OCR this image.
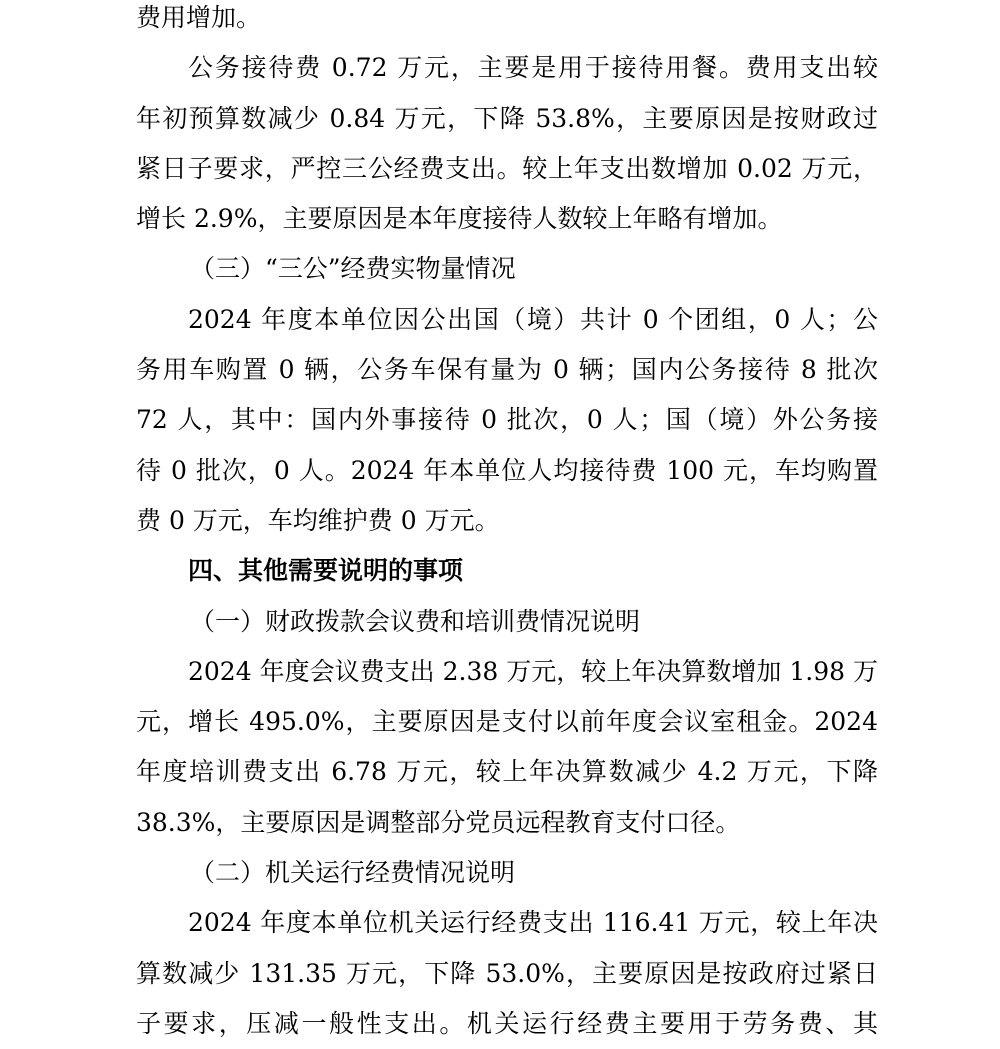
费用增加。
公务接待费 0.72 万元，主要是用于接待用餐。费用支出较
年初预算数减少 0.84 万元，下降 53.8%，主要原因是按财政过
紧日子要求，严控三公经费支出。较上年支出数增加 0.02 万元，
增长 2.9%，主要原因是本年度接待人数较上年略有增加。
（三）“三公”经费实物量情况
2024 年度本单位因公出国（境）共计 0 个团组，0 人；公
务用车购置 0 辆，公务车保有量为 0 辆；国内公务接待 8 批次
72 人，其中：国内外事接待 0 批次，0 人；国（境）外公务接
待 0 批次，0 人。2024 年本单位人均接待费 100 元，车均购置
费 0 万元，车均维护费 0 万元。
四、其他需要说明的事项
（一）财政拨款会议费和培训费情况说明
2024 年度会议费支出 2.38 万元，较上年决算数增加 1.98 万
元，增长 495.0%，主要原因是支付以前年度会议室租金。2024
年度培训费支出 6.78 万元，较上年决算数减少 4.2 万元，下降
38.3%，主要原因是调整部分党员远程教育支付口径。
（二）机关运行经费情况说明
2024 年度本单位机关运行经费支出 116.41 万元，较上年决
算数减少 131.35 万元，下降 53.0%，主要原因是按政府过紧日
子要求，压减一般性支出。机关运行经费主要用于劳务费、其
